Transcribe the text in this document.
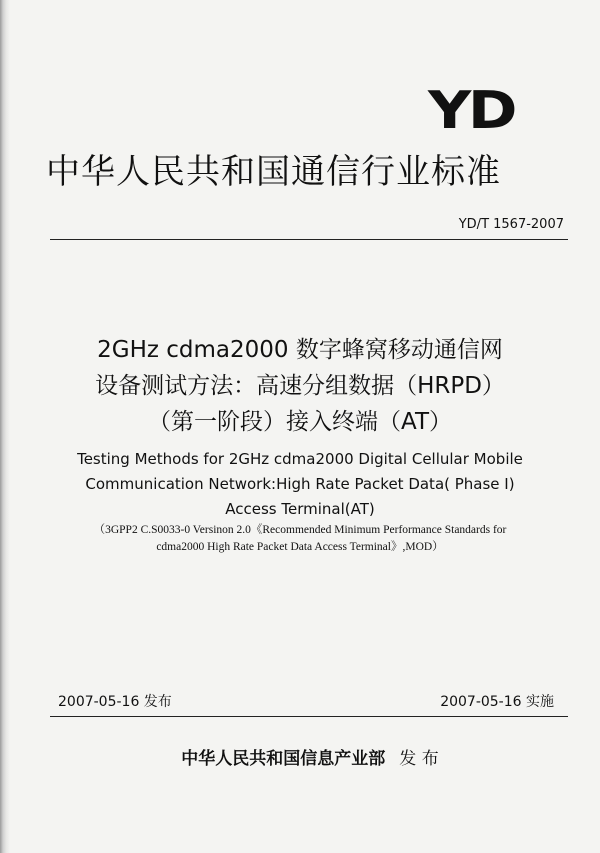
YD
中华人民共和国通信行业标准
YD/T 1567-2007
2GHz cdma2000 数字蜂窝移动通信网
设备测试方法：高速分组数据（HRPD）
（第一阶段）接入终端（AT）
Testing Methods for 2GHz cdma2000 Digital Cellular Mobile
Communication Network:High Rate Packet Data( Phase Ⅰ)
Access Terminal(AT)
（3GPP2 C.S0033-0 Versinon 2.0《Recommended Minimum Performance Standards for
cdma2000 High Rate Packet Data Access Terminal》,MOD）
2007-05-16 发布	2007-05-16 实施
中华人民共和国信息产业部 发 布
